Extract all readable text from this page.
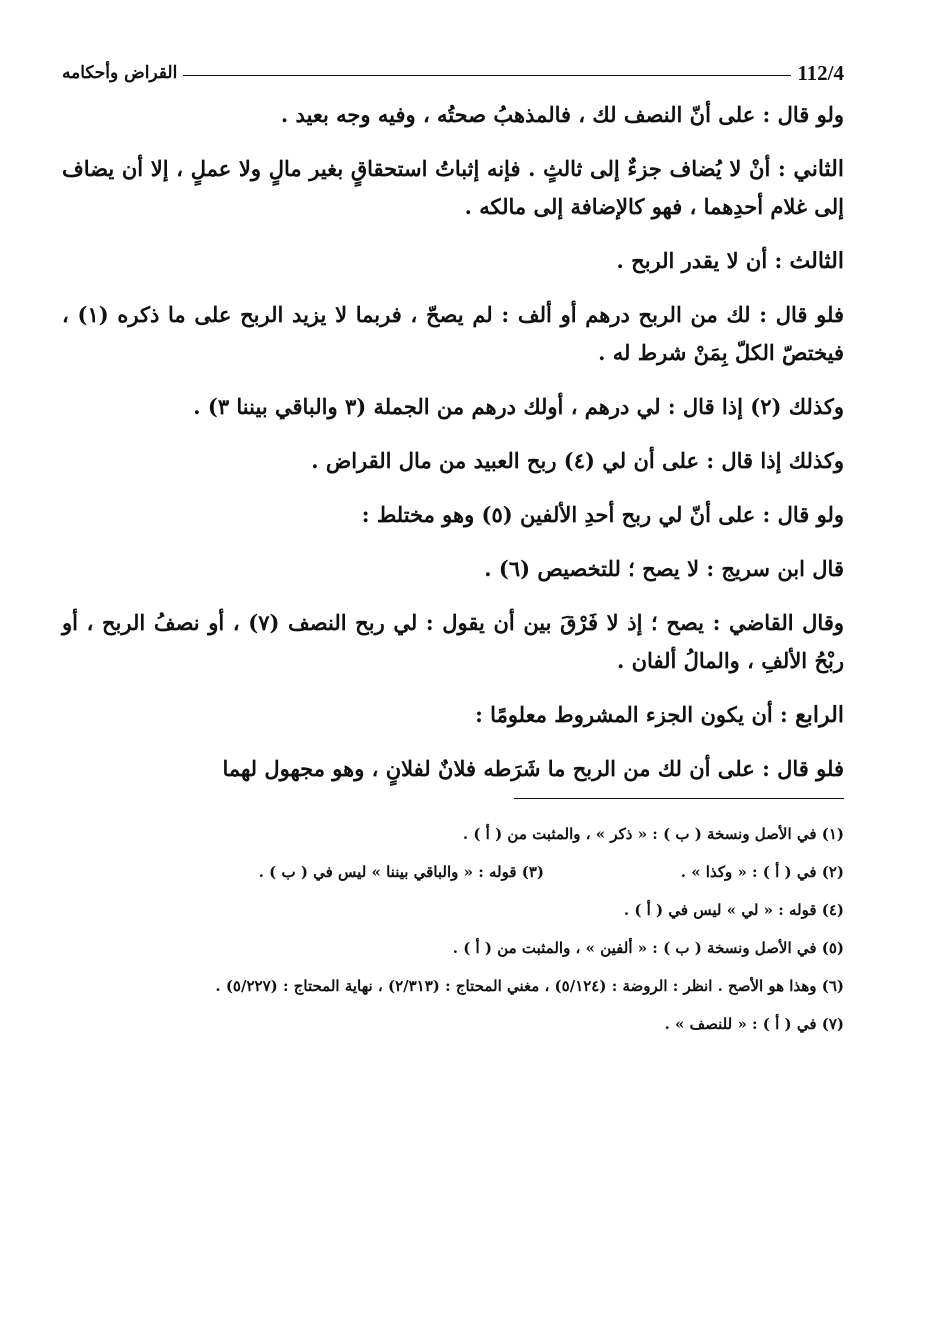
112/4
القراض وأحكامه

ولو قال : على أنّ النصف لك ، فالمذهبُ صحتُه ، وفيه وجه بعيد .

الثاني : أنْ لا يُضاف جزءٌ إلى ثالثٍ . فإنه إثباتُ استحقاقٍ بغير مالٍ ولا عملٍ ، إلا أن يضاف إلى غلام أحدِهما ، فهو كالإضافة إلى مالكه .

الثالث : أن لا يقدر الربح .

فلو قال : لك من الربح درهم أو ألف : لم يصحّ ، فربما لا يزيد الربح على ما ذكره (١) ، فيختصّ الكلّ بِمَنْ شرط له .

وكذلك (٢) إذا قال : لي درهم ، أولك درهم من الجملة (٣ والباقي بيننا ٣) .

وكذلك إذا قال : على أن لي (٤) ربح العبيد من مال القراض .

ولو قال : على أنّ لي ربح أحدِ الألفين (٥) وهو مختلط :

قال ابن سريج : لا يصح ؛ للتخصيص (٦) .

وقال القاضي : يصح ؛ إذ لا فَرْقَ بين أن يقول : لي ربح النصف (٧) ، أو نصفُ الربح ، أو ربْحُ الألفِ ، والمالُ ألفان .

الرابع : أن يكون الجزء المشروط معلومًا :

فلو قال : على أن لك من الربح ما شَرَطه فلانٌ لفلانٍ ، وهو مجهول لهما

(١) في الأصل ونسخة ( ب ) : « ذكر » ، والمثبت من ( أ ) .

(٢) في ( أ ) : « وكذا » .
(٣) قوله : « والباقي بيننا » ليس في ( ب ) .

(٤) قوله : « لي » ليس في ( أ ) .

(٥) في الأصل ونسخة ( ب ) : « ألفين » ، والمثبت من ( أ ) .

(٦) وهذا هو الأصح . انظر : الروضة : (٥/١٢٤) ، مغني المحتاج : (٢/٣١٣) ، نهاية المحتاج : (٥/٢٢٧) .

(٧) في ( أ ) : « للنصف » .
